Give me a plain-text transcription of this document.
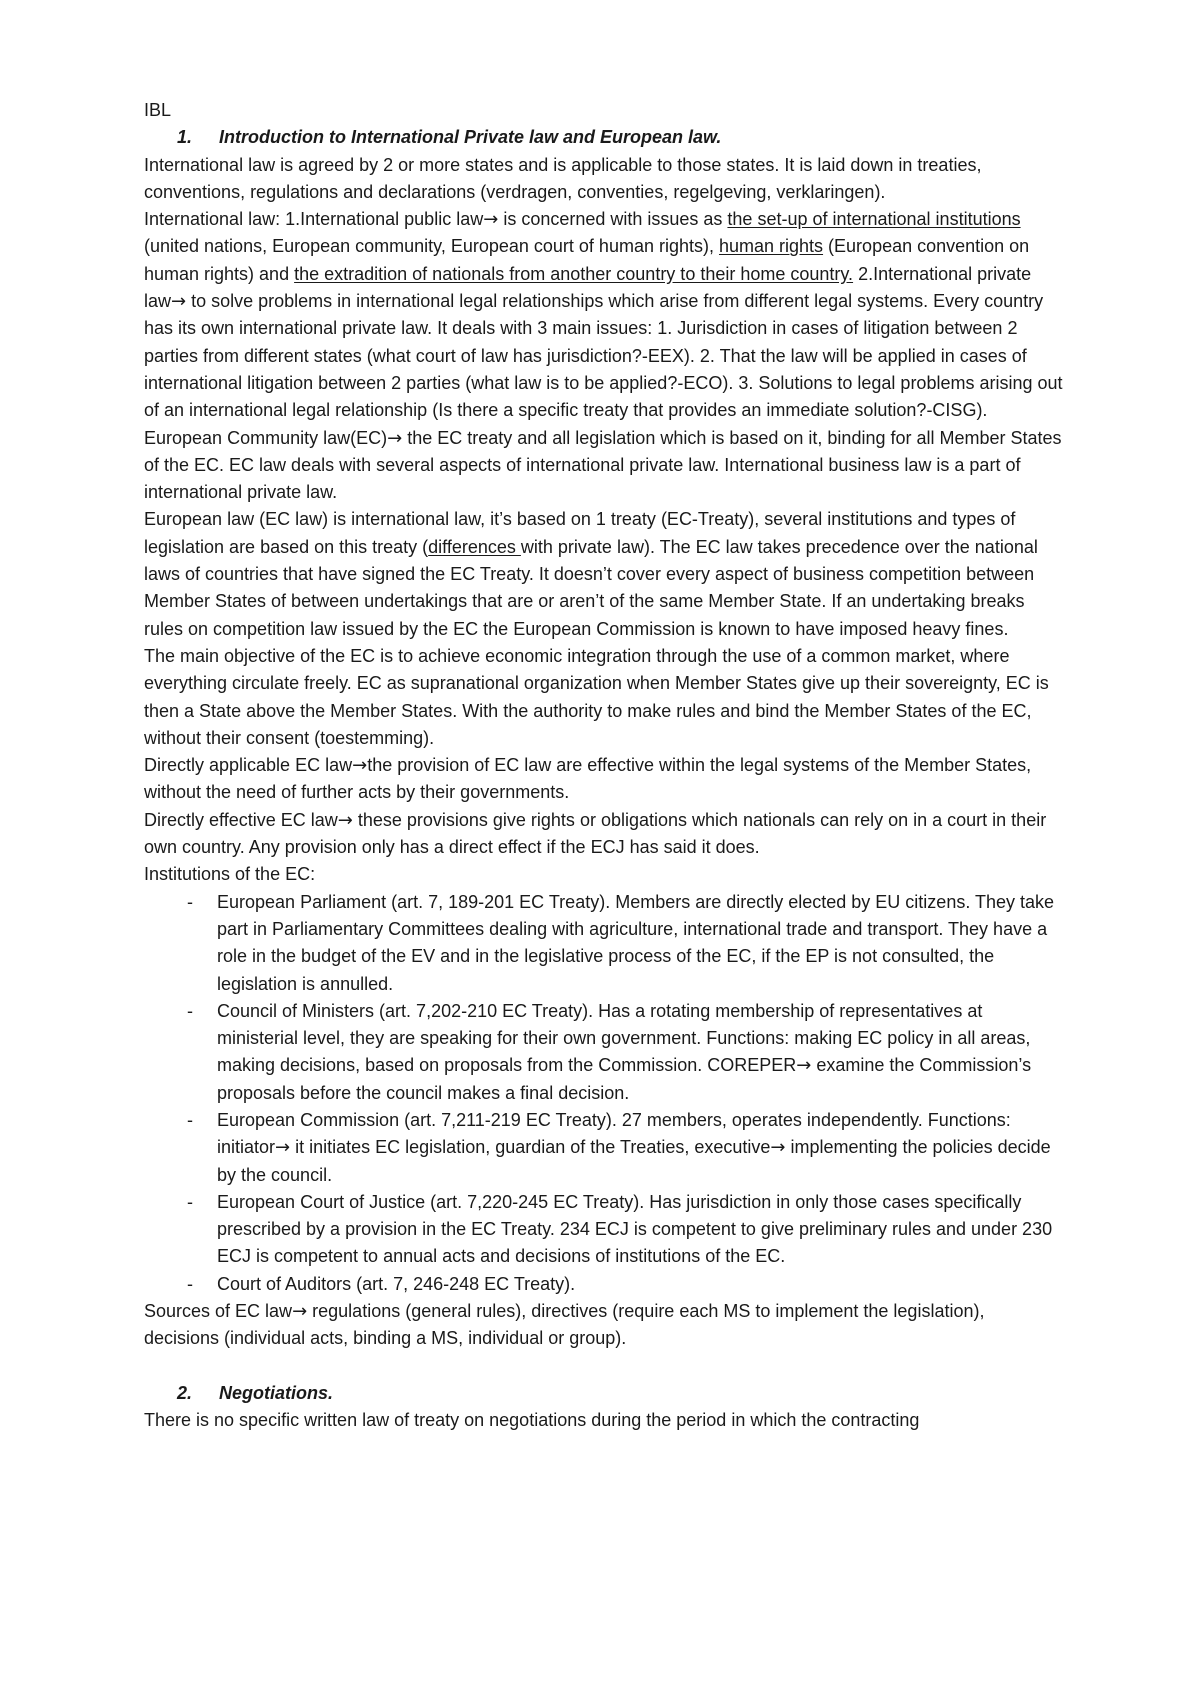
IBL
1. Introduction to International Private law and European law.
International law is agreed by 2 or more states and is applicable to those states. It is laid down in treaties, conventions, regulations and declarations (verdragen, conventies, regelgeving, verklaringen).
International law: 1.International public law→ is concerned with issues as the set-up of international institutions (united nations, European community, European court of human rights), human rights (European convention on human rights) and the extradition of nationals from another country to their home country. 2.International private law→ to solve problems in international legal relationships which arise from different legal systems. Every country has its own international private law. It deals with 3 main issues: 1. Jurisdiction in cases of litigation between 2 parties from different states (what court of law has jurisdiction?-EEX). 2. That the law will be applied in cases of international litigation between 2 parties (what law is to be applied?-ECO). 3. Solutions to legal problems arising out of an international legal relationship (Is there a specific treaty that provides an immediate solution?-CISG). European Community law(EC)→ the EC treaty and all legislation which is based on it, binding for all Member States of the EC. EC law deals with several aspects of international private law. International business law is a part of international private law.
European law (EC law) is international law, it’s based on 1 treaty (EC-Treaty), several institutions and types of legislation are based on this treaty (differences with private law). The EC law takes precedence over the national laws of countries that have signed the EC Treaty. It doesn’t cover every aspect of business competition between Member States of between undertakings that are or aren’t of the same Member State. If an undertaking breaks rules on competition law issued by the EC the European Commission is known to have imposed heavy fines.
The main objective of the EC is to achieve economic integration through the use of a common market, where everything circulate freely. EC as supranational organization when Member States give up their sovereignty, EC is then a State above the Member States. With the authority to make rules and bind the Member States of the EC, without their consent (toestemming).
Directly applicable EC law→the provision of EC law are effective within the legal systems of the Member States, without the need of further acts by their governments.
Directly effective EC law→ these provisions give rights or obligations which nationals can rely on in a court in their own country. Any provision only has a direct effect if the ECJ has said it does.
Institutions of the EC:
-	European Parliament (art. 7, 189-201 EC Treaty). Members are directly elected by EU citizens. They take part in Parliamentary Committees dealing with agriculture, international trade and transport. They have a role in the budget of the EV and in the legislative process of the EC, if the EP is not consulted, the legislation is annulled.
-	Council of Ministers (art. 7,202-210 EC Treaty). Has a rotating membership of representatives at ministerial level, they are speaking for their own government. Functions: making EC policy in all areas, making decisions, based on proposals from the Commission. COREPER→ examine the Commission’s proposals before the council makes a final decision.
-	European Commission (art. 7,211-219 EC Treaty). 27 members, operates independently. Functions: initiator→ it initiates EC legislation, guardian of the Treaties, executive→ implementing the policies decide by the council.
-	European Court of Justice (art. 7,220-245 EC Treaty). Has jurisdiction in only those cases specifically prescribed by a provision in the EC Treaty. 234 ECJ is competent to give preliminary rules and under 230 ECJ is competent to annual acts and decisions of institutions of the EC.
-	Court of Auditors (art. 7, 246-248 EC Treaty).
Sources of EC law→ regulations (general rules), directives (require each MS to implement the legislation), decisions (individual acts, binding a MS, individual or group).
2. Negotiations.
There is no specific written law of treaty on negotiations during the period in which the contracting
